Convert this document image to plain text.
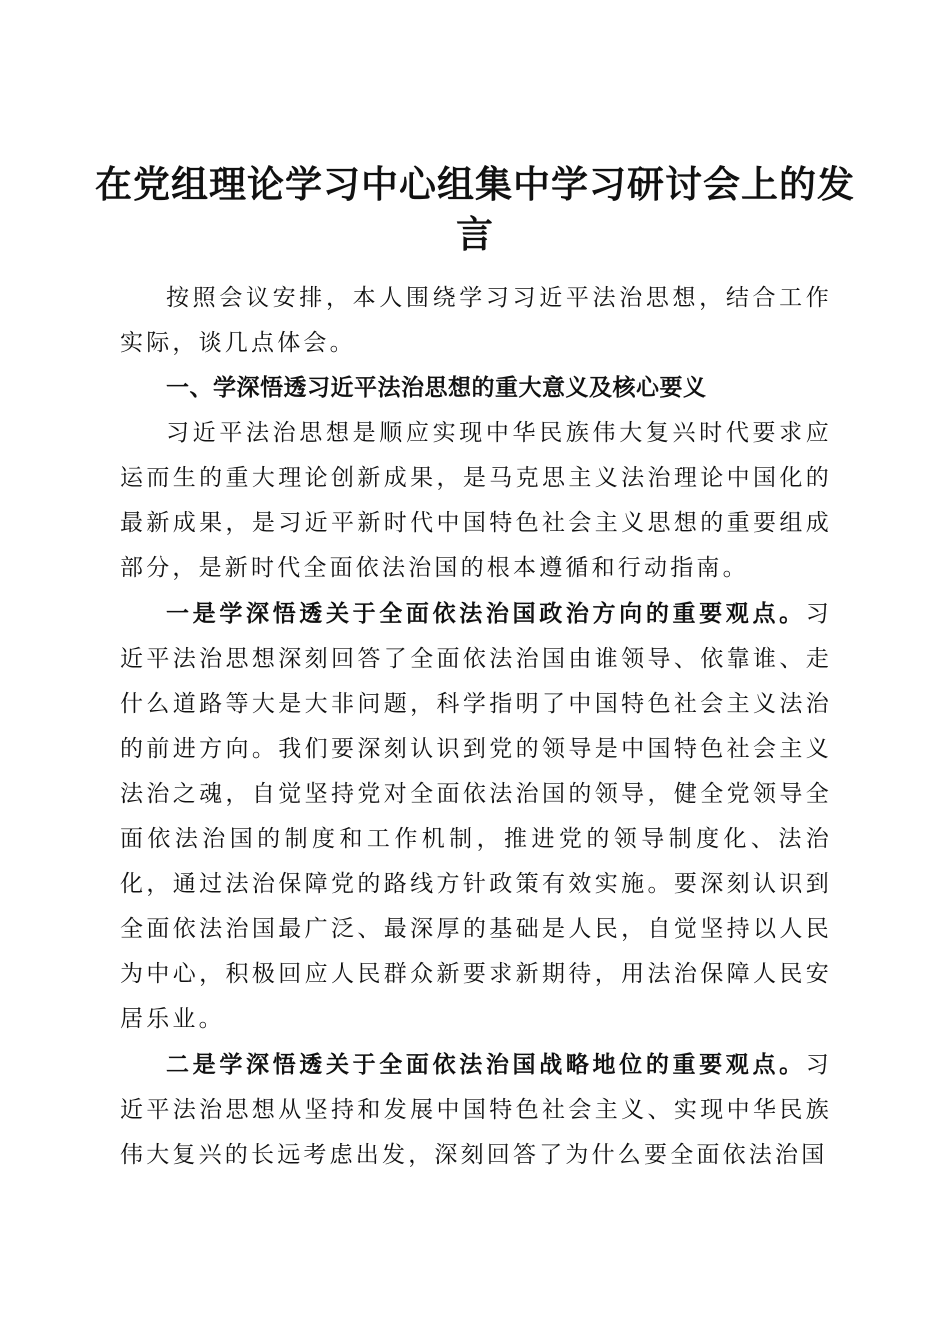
在党组理论学习中心组集中学习研讨会上的发言

按照会议安排，本人围绕学习习近平法治思想，结合工作实际，谈几点体会。

一、学深悟透习近平法治思想的重大意义及核心要义

习近平法治思想是顺应实现中华民族伟大复兴时代要求应运而生的重大理论创新成果，是马克思主义法治理论中国化的最新成果，是习近平新时代中国特色社会主义思想的重要组成部分，是新时代全面依法治国的根本遵循和行动指南。

一是学深悟透关于全面依法治国政治方向的重要观点。习近平法治思想深刻回答了全面依法治国由谁领导、依靠谁、走什么道路等大是大非问题，科学指明了中国特色社会主义法治的前进方向。我们要深刻认识到党的领导是中国特色社会主义法治之魂，自觉坚持党对全面依法治国的领导，健全党领导全面依法治国的制度和工作机制，推进党的领导制度化、法治化，通过法治保障党的路线方针政策有效实施。要深刻认识到全面依法治国最广泛、最深厚的基础是人民，自觉坚持以人民为中心，积极回应人民群众新要求新期待，用法治保障人民安居乐业。

二是学深悟透关于全面依法治国战略地位的重要观点。习近平法治思想从坚持和发展中国特色社会主义、实现中华民族伟大复兴的长远考虑出发，深刻回答了为什么要全面依法治国
